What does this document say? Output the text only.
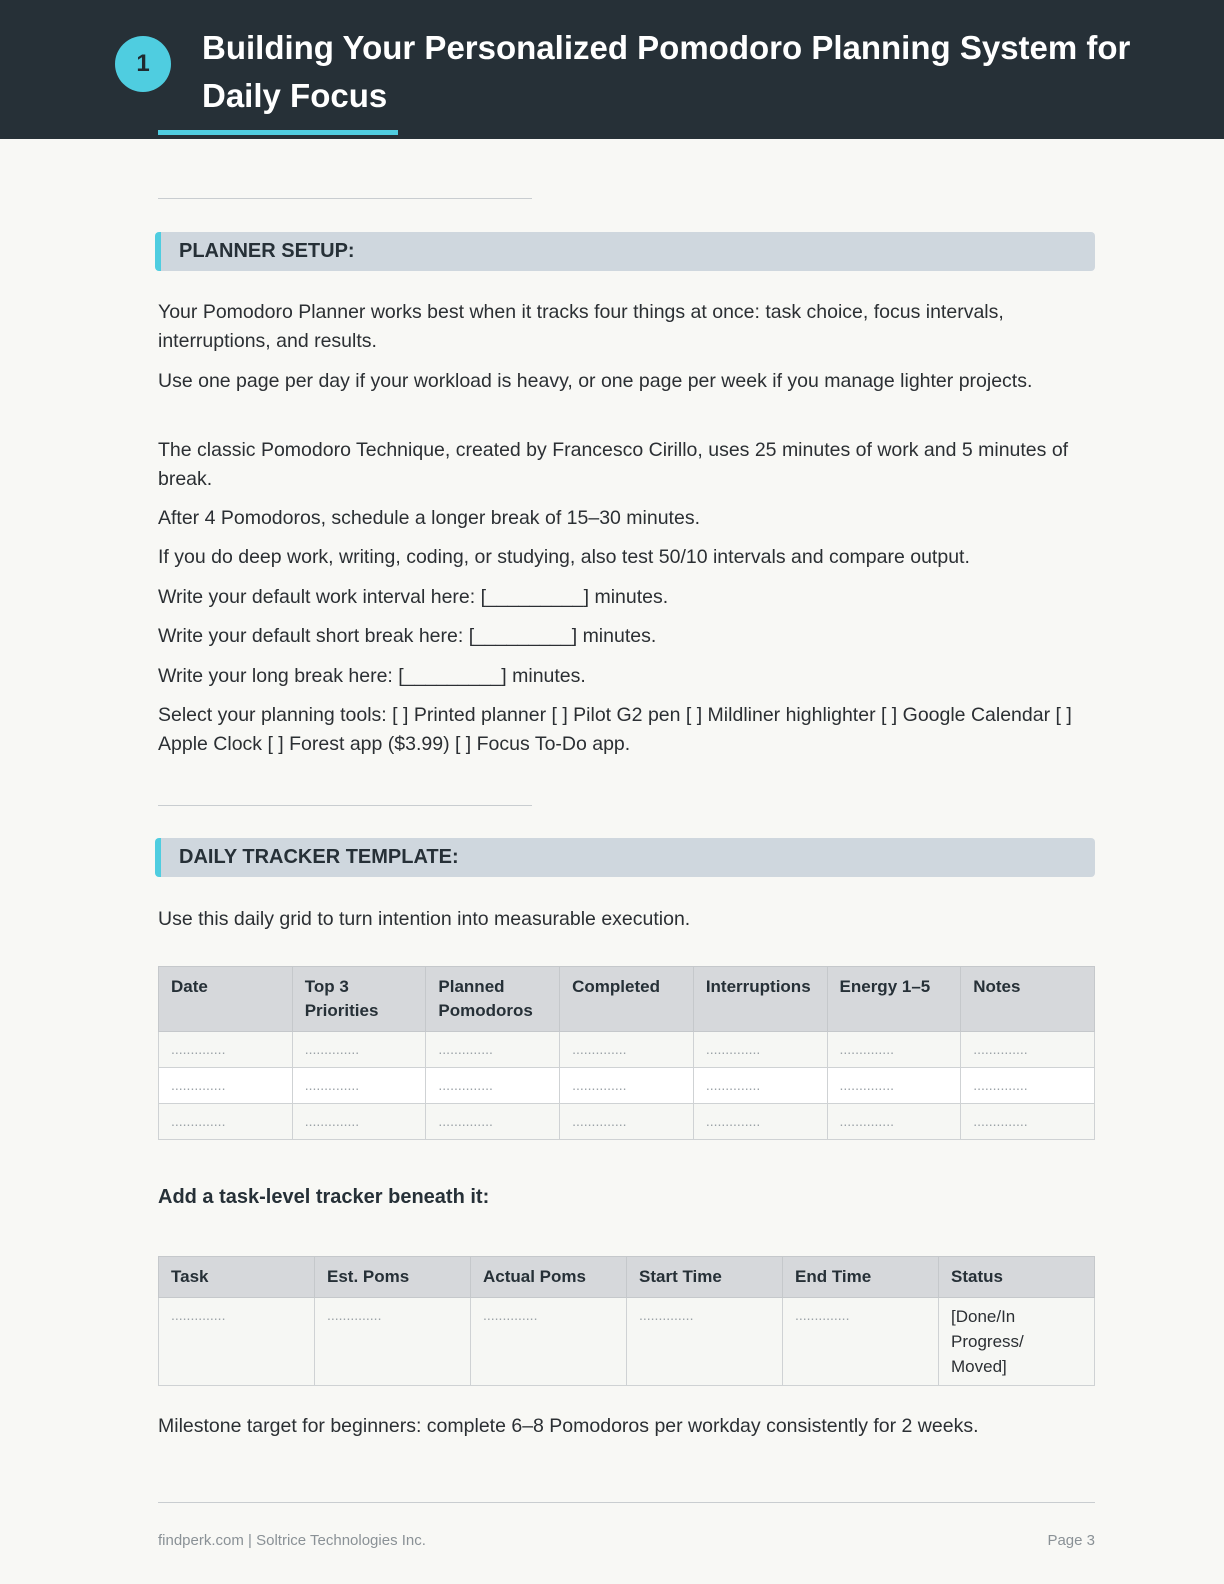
1	Building Your Personalized Pomodoro Planning System for Daily Focus
PLANNER SETUP:

Your Pomodoro Planner works best when it tracks four things at once: task choice, focus intervals, interruptions, and results.

Use one page per day if your workload is heavy, or one page per week if you manage lighter projects.

The classic Pomodoro Technique, created by Francesco Cirillo, uses 25 minutes of work and 5 minutes of break.

After 4 Pomodoros, schedule a longer break of 15–30 minutes.

If you do deep work, writing, coding, or studying, also test 50/10 intervals and compare output.

Write your default work interval here: [_________] minutes.

Write your default short break here: [_________] minutes.

Write your long break here: [_________] minutes.

Select your planning tools: [ ] Printed planner [ ] Pilot G2 pen [ ] Mildliner highlighter [ ] Google Calendar [ ] Apple Clock [ ] Forest app ($3.99) [ ] Focus To-Do app.

DAILY TRACKER TEMPLATE:

Use this daily grid to turn intention into measurable execution.

Date	Top 3 Priorities	Planned Pomodoros	Completed	Interruptions	Energy 1–5	Notes
..............	..............	..............	..............	..............	..............	..............
..............	..............	..............	..............	..............	..............	..............
..............	..............	..............	..............	..............	..............	..............
Add a task-level tracker beneath it:
Task	Est. Poms	Actual Poms	Start Time	End Time	Status
..............	..............	..............	..............	..............	[Done/In Progress/ Moved]

Milestone target for beginners: complete 6–8 Pomodoros per workday consistently for 2 weeks.

findperk.com | Soltrice Technologies Inc.	Page 3
